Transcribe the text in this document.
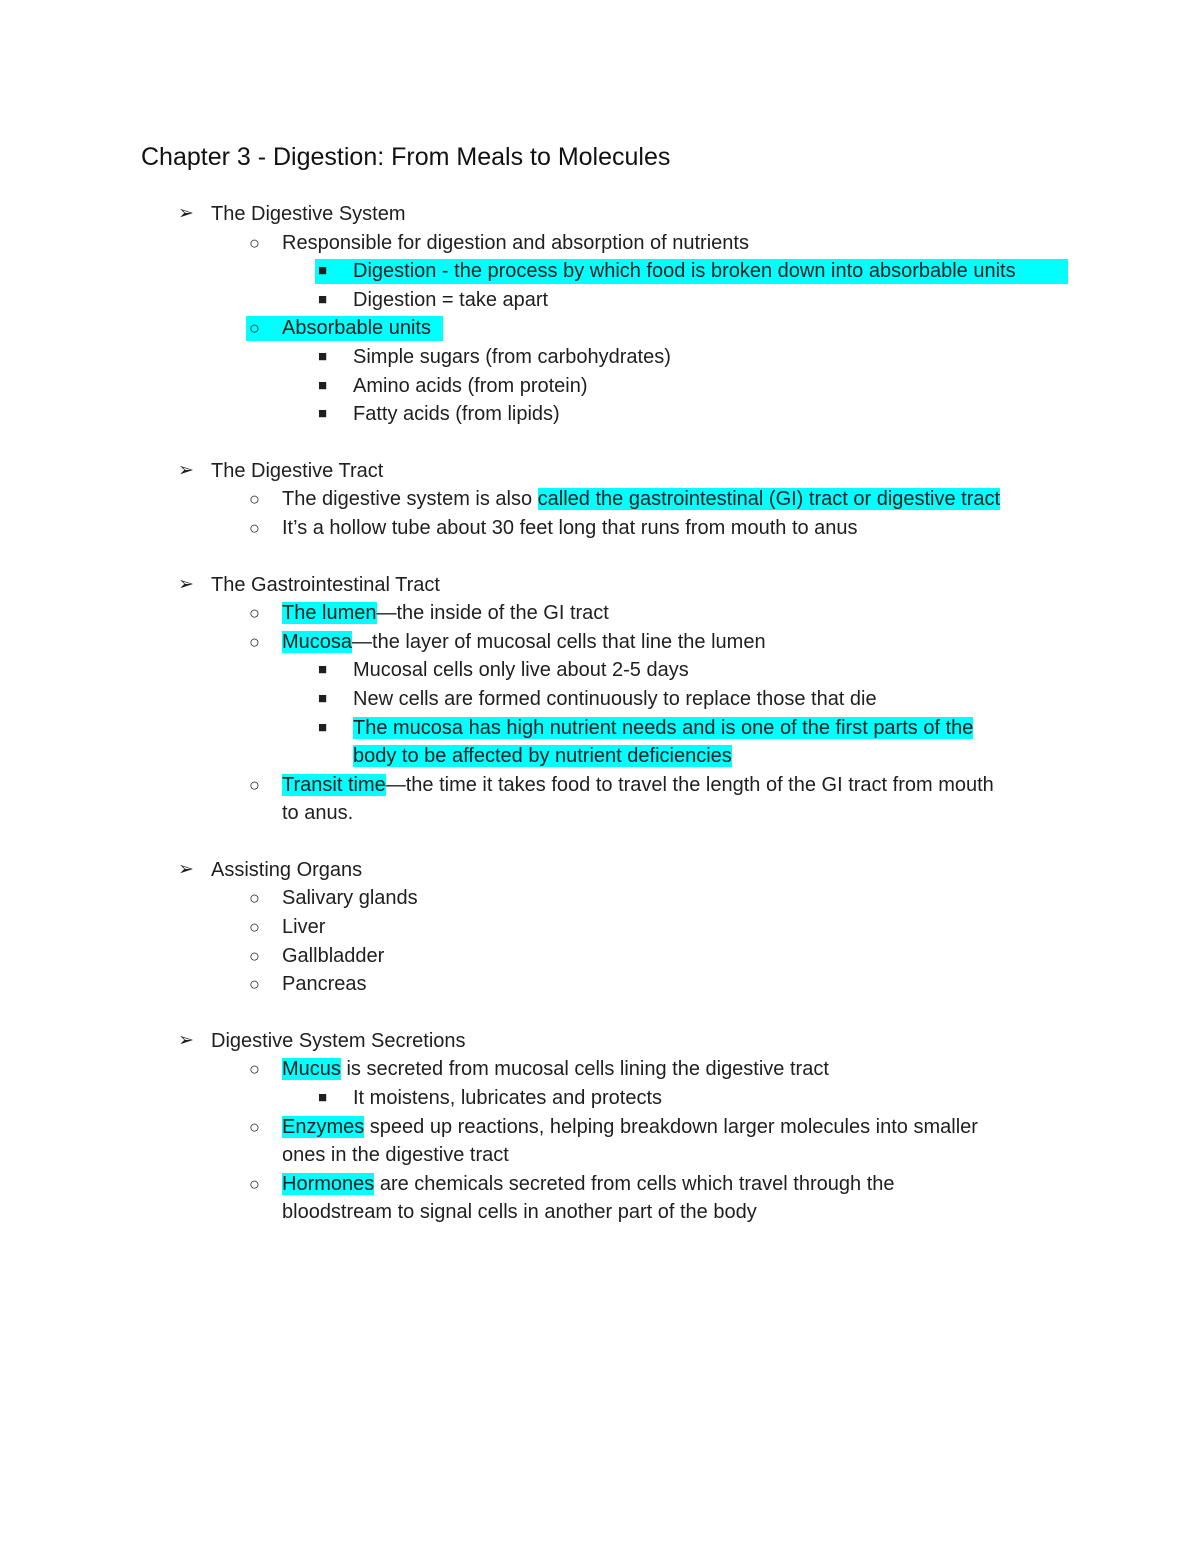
Chapter 3 - Digestion: From Meals to Molecules
➢ The Digestive System
○ Responsible for digestion and absorption of nutrients
■ Digestion - the process by which food is broken down into absorbable units
■ Digestion = take apart
○ Absorbable units
■ Simple sugars (from carbohydrates)
■ Amino acids (from protein)
■ Fatty acids (from lipids)
➢ The Digestive Tract
○ The digestive system is also called the gastrointestinal (GI) tract or digestive tract
○ It’s a hollow tube about 30 feet long that runs from mouth to anus
➢ The Gastrointestinal Tract
○ The lumen—the inside of the GI tract
○ Mucosa—the layer of mucosal cells that line the lumen
■ Mucosal cells only live about 2-5 days
■ New cells are formed continuously to replace those that die
■ The mucosa has high nutrient needs and is one of the first parts of the
body to be affected by nutrient deficiencies
○ Transit time—the time it takes food to travel the length of the GI tract from mouth
to anus.
➢ Assisting Organs
○ Salivary glands
○ Liver
○ Gallbladder
○ Pancreas
➢ Digestive System Secretions
○ Mucus is secreted from mucosal cells lining the digestive tract
■ It moistens, lubricates and protects
○ Enzymes speed up reactions, helping breakdown larger molecules into smaller
ones in the digestive tract
○ Hormones are chemicals secreted from cells which travel through the
bloodstream to signal cells in another part of the body
